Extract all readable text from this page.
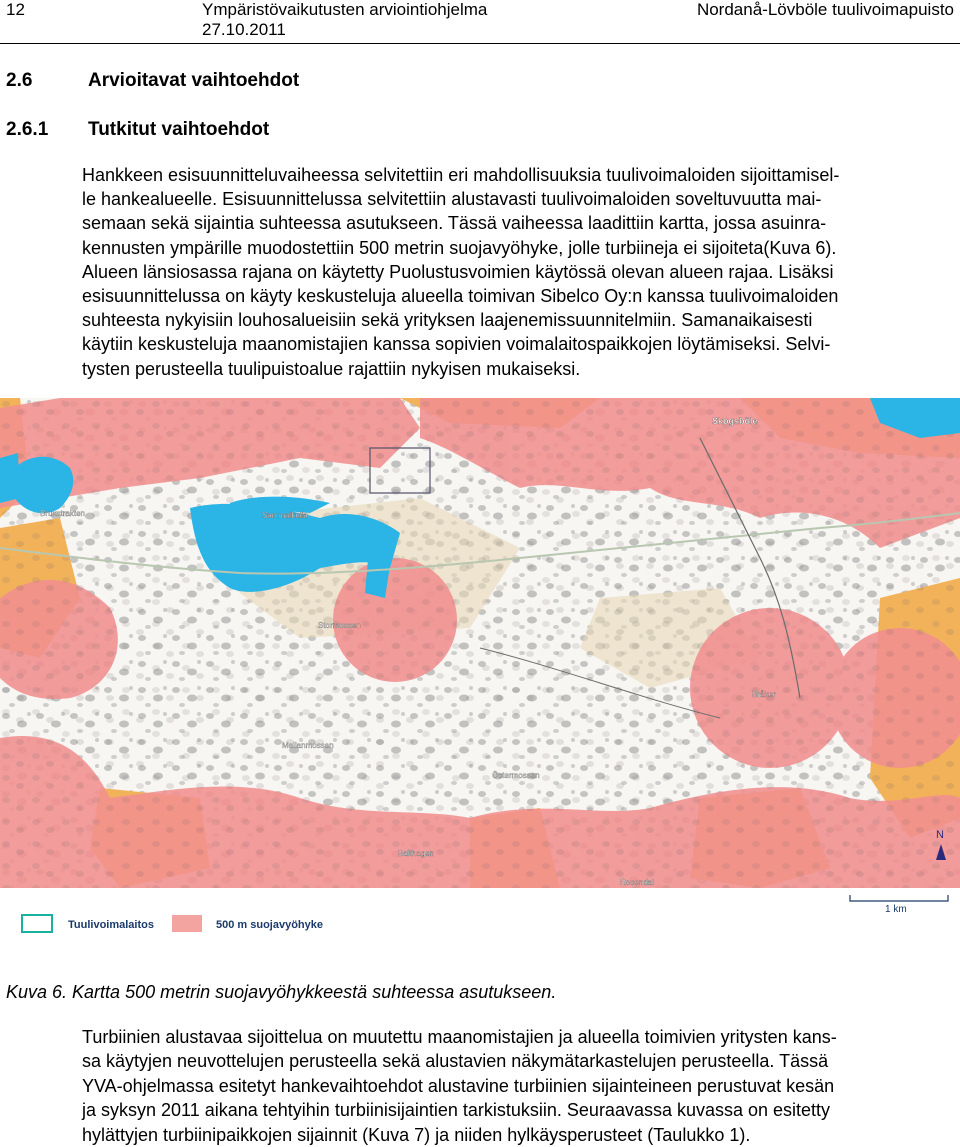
12	Ympäristövaikutusten arviointiohjelma
27.10.2011
Nordanå-Lövböle tuulivoimapuisto
2.6	Arvioitavat vaihtoehdot
2.6.1 Tutkitut vaihtoehdot
Hankkeen esisuunnitteluvaiheessa selvitettiin eri mahdollisuuksia tuulivoimaloiden sijoittamisel-
le hankealueelle. Esisuunnittelussa selvitettiin alustavasti tuulivoimaloiden soveltuvuutta mai-
semaan sekä sijaintia suhteessa asutukseen. Tässä vaiheessa laadittiin kartta, jossa asuinra-
kennusten ympärille muodostettiin 500 metrin suojavyöhyke, jolle turbiineja ei sijoiteta(Kuva 6).
Alueen länsiosassa rajana on käytetty Puolustusvoimien käytössä olevan alueen rajaa. Lisäksi
esisuunnittelussa on käyty keskusteluja alueella toimivan Sibelco Oy:n kanssa tuulivoimaloiden
suhteesta nykyisiin louhosalueisiin sekä yrityksen laajenemissuunnitelmiin. Samanaikaisesti
käytiin keskusteluja maanomistajien kanssa sopivien voimalaitospaikkojen löytämiseksi. Selvi-
tysten perusteella tuulipuistoalue rajattiin nykyisen mukaiseksi.
Skogsböle
Brukstrakten	Sammalkulla
Stormossen
Bråker
Mellanmossen
Östermossen
Bakhagen
Rosendal
N
Tuulivoimalaitos	500 m suojavyöhyke
1 km
Kuva 6. Kartta 500 metrin suojavyöhykkeestä suhteessa asutukseen.
Turbiinien alustavaa sijoittelua on muutettu maanomistajien ja alueella toimivien yritysten kans-
sa käytyjen neuvottelujen perusteella sekä alustavien näkymätarkastelujen perusteella. Tässä
YVA-ohjelmassa esitetyt hankevaihtoehdot alustavine turbiinien sijainteineen perustuvat kesän
ja syksyn 2011 aikana tehtyihin turbiinisijaintien tarkistuksiin. Seuraavassa kuvassa on esitetty
hylättyjen turbiinipaikkojen sijainnit (Kuva 7) ja niiden hylkäysperusteet (Taulukko 1).
